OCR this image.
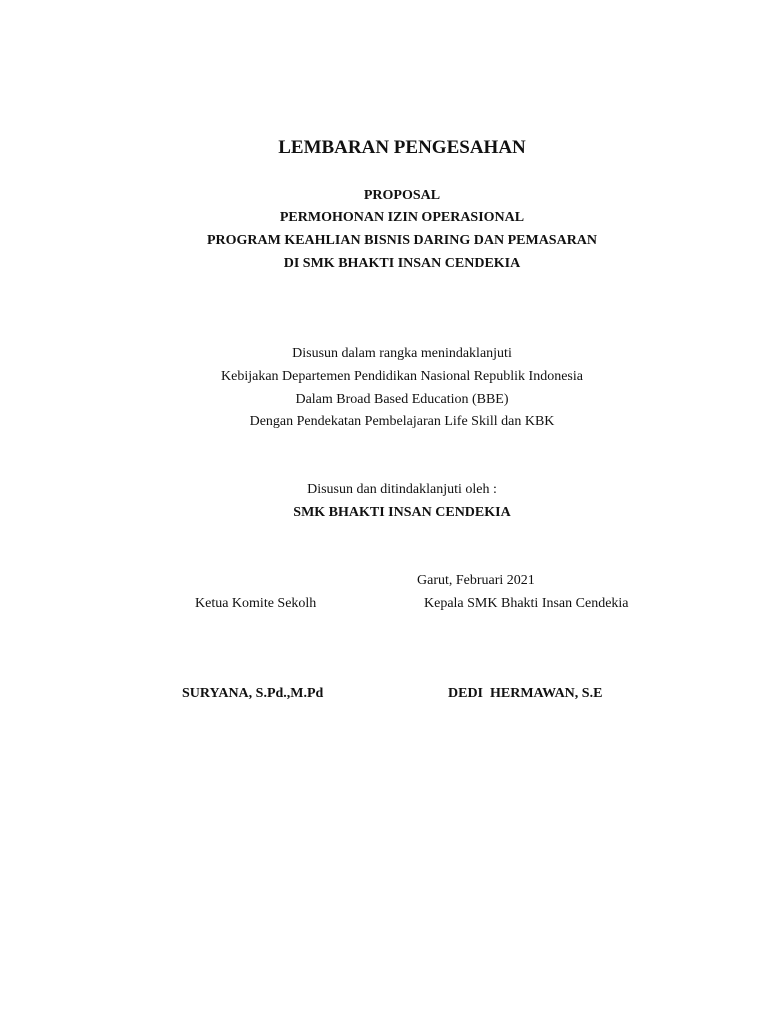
LEMBARAN PENGESAHAN
PROPOSAL
PERMOHONAN IZIN OPERASIONAL
PROGRAM KEAHLIAN BISNIS DARING DAN PEMASARAN
DI SMK BHAKTI INSAN CENDEKIA
Disusun dalam rangka menindaklanjuti
Kebijakan Departemen Pendidikan Nasional Republik Indonesia
Dalam Broad Based Education (BBE)
Dengan Pendekatan Pembelajaran Life Skill dan KBK
Disusun dan ditindaklanjuti oleh :
SMK BHAKTI INSAN CENDEKIA
Garut, Februari 2021
Ketua Komite Sekolh	Kepala SMK Bhakti Insan Cendekia
SURYANA, S.Pd.,M.Pd	DEDI  HERMAWAN, S.E
